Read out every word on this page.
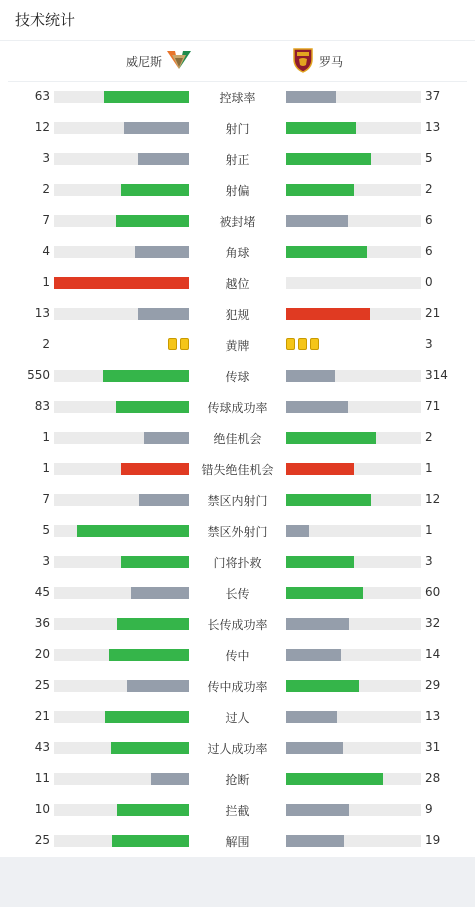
技术统计
威尼斯	罗马
63	控球率	37
12	射门	13
3	射正	5
2	射偏	2
7	被封堵	6
4	角球	6
1	越位	0
13	犯规	21
2	黄牌	3
550	传球	314
83	传球成功率	71
1	绝佳机会	2
1	错失绝佳机会	1
7	禁区内射门	12
5	禁区外射门	1
3	门将扑救	3
45	长传	60
36	长传成功率	32
20	传中	14
25	传中成功率	29
21	过人	13
43	过人成功率	31
11	抢断	28
10	拦截	9
25	解围	19
